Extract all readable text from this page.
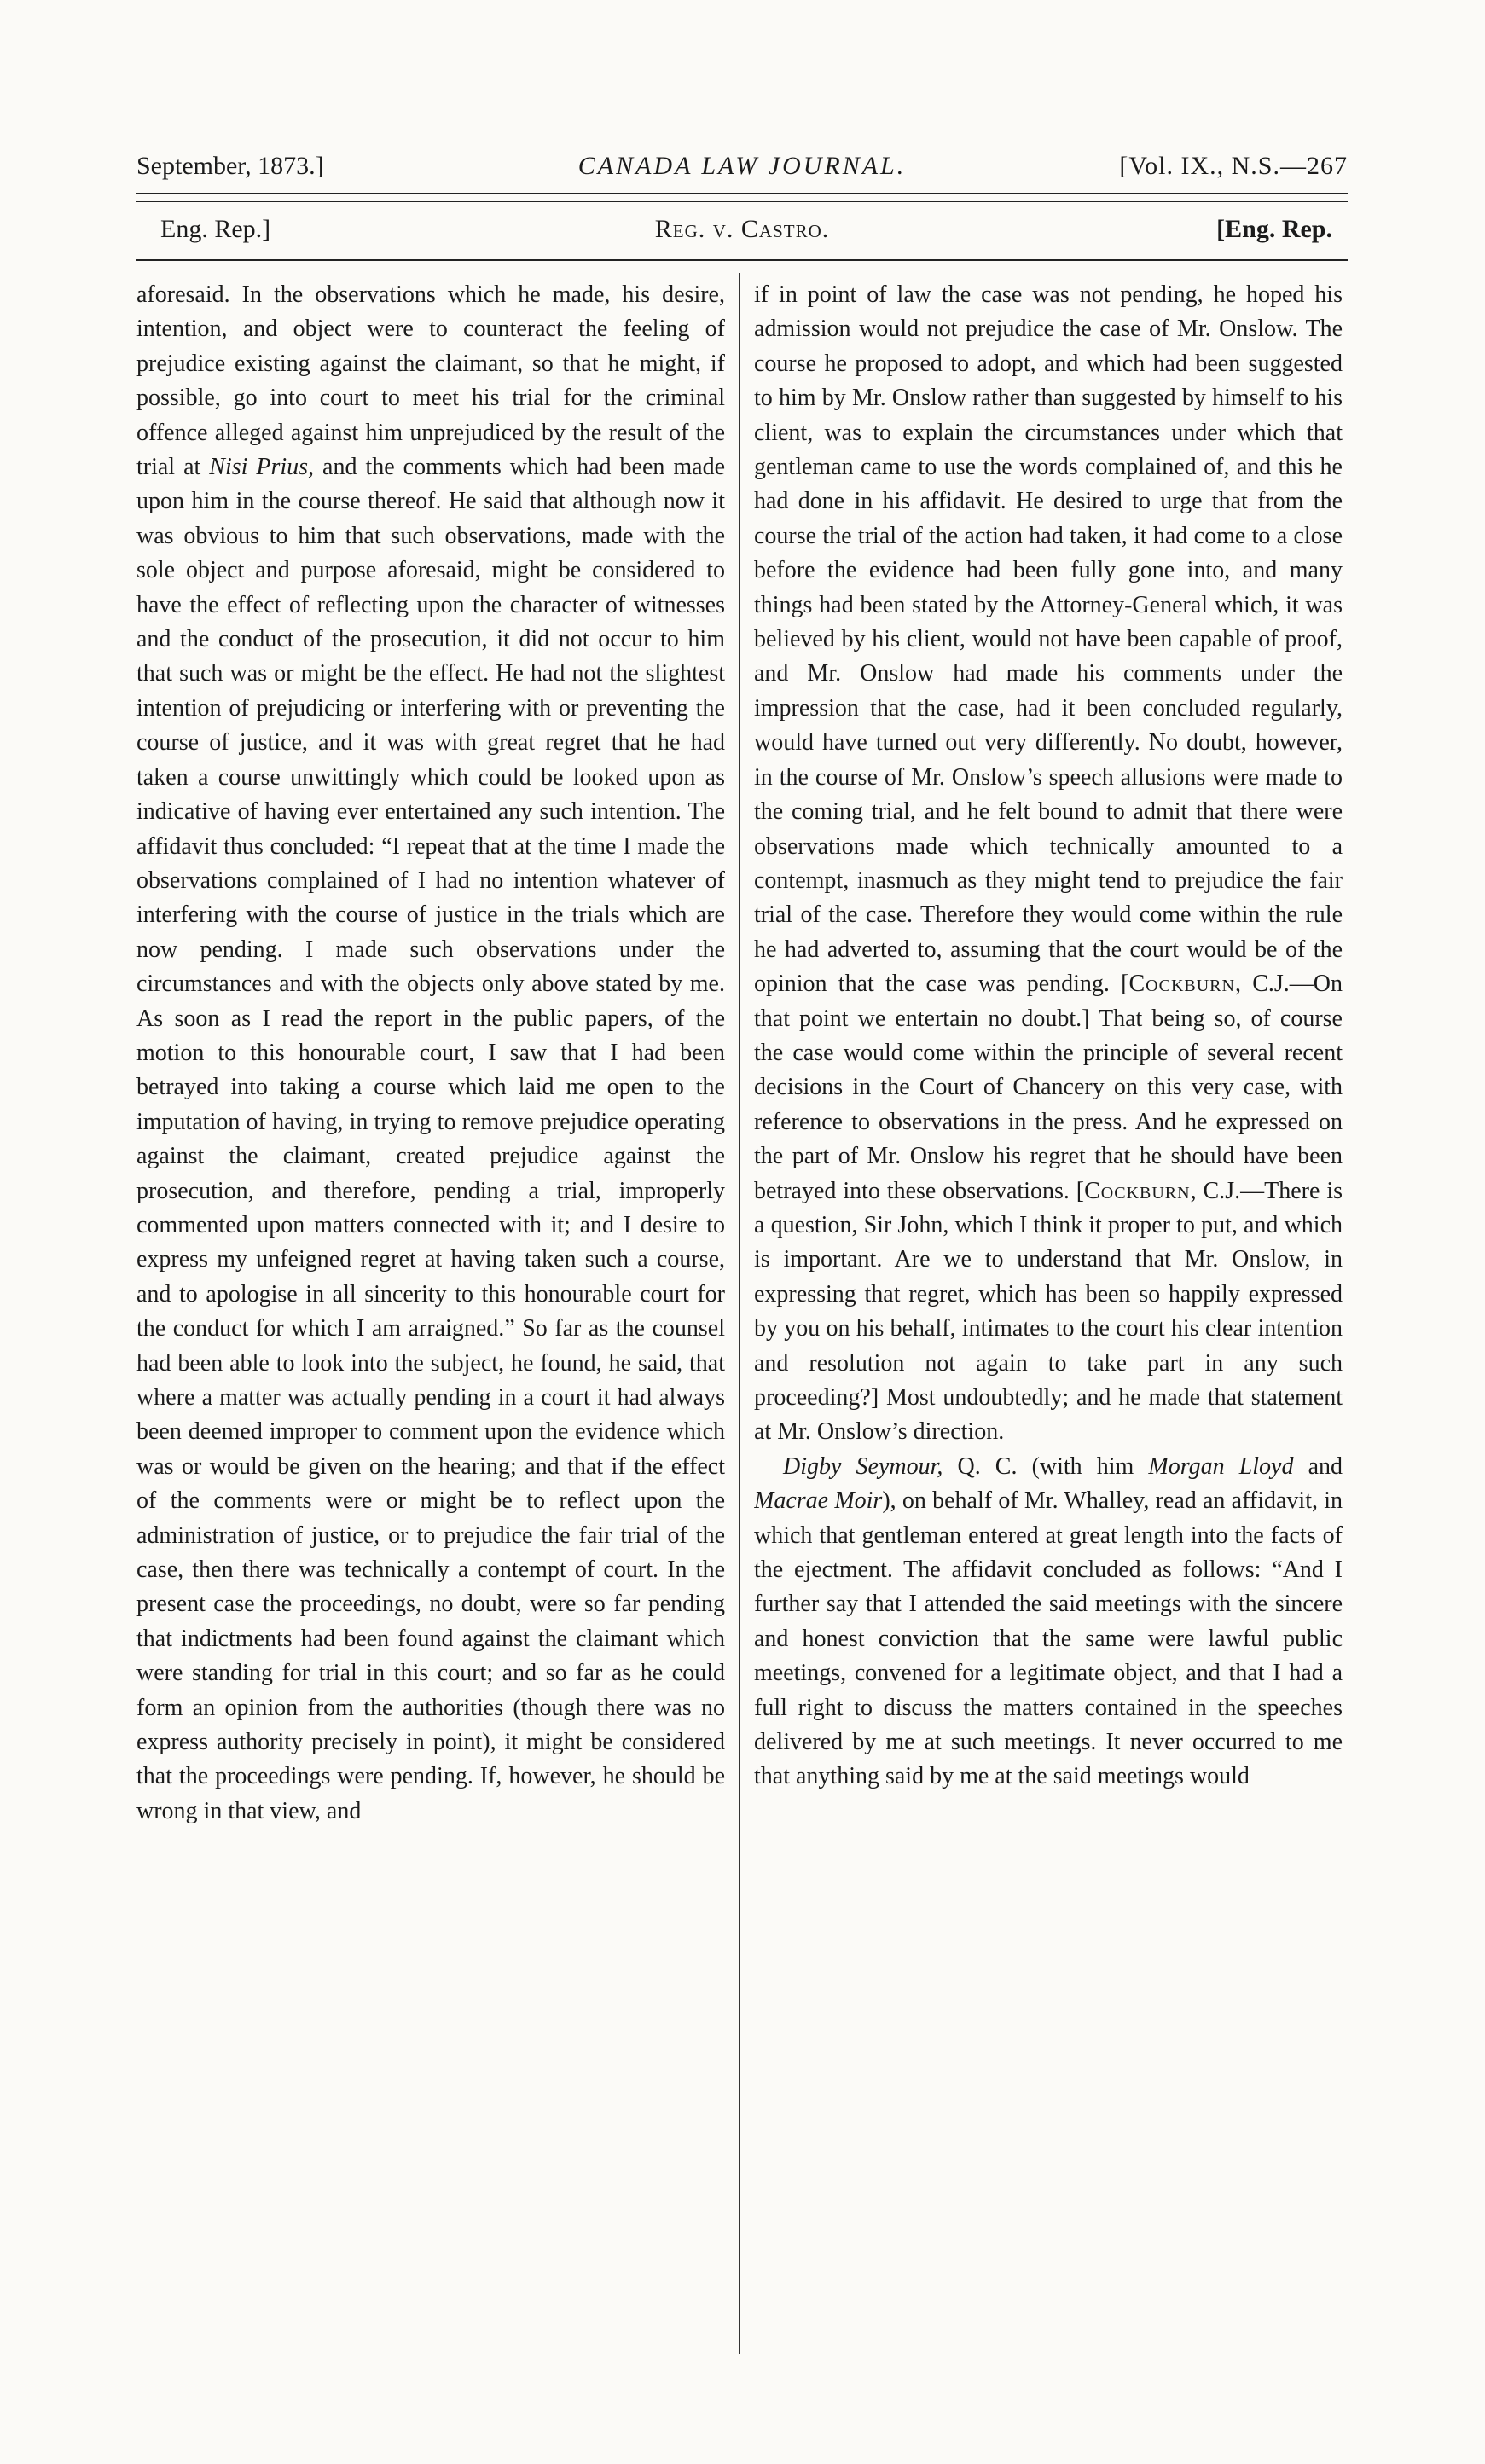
September, 1873.]	CANADA LAW JOURNAL.	[Vol. IX., N.S.—267
Eng. Rep.]	Reg. v. Castro.	[Eng. Rep.

aforesaid. In the observations which he made, his desire, intention, and object were to counteract the feeling of prejudice existing against the claimant, so that he might, if possible, go into court to meet his trial for the criminal offence alleged against him unprejudiced by the result of the trial at Nisi Prius, and the comments which had been made upon him in the course thereof. He said that although now it was obvious to him that such observations, made with the sole object and purpose aforesaid, might be considered to have the effect of reflecting upon the character of witnesses and the conduct of the prosecution, it did not occur to him that such was or might be the effect. He had not the slightest intention of prejudicing or interfering with or preventing the course of justice, and it was with great regret that he had taken a course unwittingly which could be looked upon as indicative of having ever entertained any such intention. The affidavit thus concluded: “I repeat that at the time I made the observations complained of I had no intention whatever of interfering with the course of justice in the trials which are now pending. I made such observations under the circumstances and with the objects only above stated by me. As soon as I read the report in the public papers, of the motion to this honourable court, I saw that I had been betrayed into taking a course which laid me open to the imputation of having, in trying to remove prejudice operating against the claimant, created prejudice against the prosecution, and therefore, pending a trial, improperly commented upon matters connected with it; and I desire to express my unfeigned regret at having taken such a course, and to apologise in all sincerity to this honourable court for the conduct for which I am arraigned.” So far as the counsel had been able to look into the subject, he found, he said, that where a matter was actually pending in a court it had always been deemed improper to comment upon the evidence which was or would be given on the hearing; and that if the effect of the comments were or might be to reflect upon the administration of justice, or to prejudice the fair trial of the case, then there was technically a contempt of court. In the present case the proceedings, no doubt, were so far pending that indictments had been found against the claimant which were standing for trial in this court; and so far as he could form an opinion from the authorities (though there was no express authority precisely in point), it might be considered that the proceedings were pending. If, however, he should be wrong in that view, and

if in point of law the case was not pending, he hoped his admission would not prejudice the case of Mr. Onslow. The course he proposed to adopt, and which had been suggested to him by Mr. Onslow rather than suggested by himself to his client, was to explain the circumstances under which that gentleman came to use the words complained of, and this he had done in his affidavit. He desired to urge that from the course the trial of the action had taken, it had come to a close before the evidence had been fully gone into, and many things had been stated by the Attorney-General which, it was believed by his client, would not have been capable of proof, and Mr. Onslow had made his comments under the impression that the case, had it been concluded regularly, would have turned out very differently. No doubt, however, in the course of Mr. Onslow’s speech allusions were made to the coming trial, and he felt bound to admit that there were observations made which technically amounted to a contempt, inasmuch as they might tend to prejudice the fair trial of the case. Therefore they would come within the rule he had adverted to, assuming that the court would be of the opinion that the case was pending. [Cockburn, C.J.—On that point we entertain no doubt.] That being so, of course the case would come within the principle of several recent decisions in the Court of Chancery on this very case, with reference to observations in the press. And he expressed on the part of Mr. Onslow his regret that he should have been betrayed into these observations. [Cockburn, C.J.—There is a question, Sir John, which I think it proper to put, and which is important. Are we to understand that Mr. Onslow, in expressing that regret, which has been so happily expressed by you on his behalf, intimates to the court his clear intention and resolution not again to take part in any such proceeding?] Most undoubtedly; and he made that statement at Mr. Onslow’s direction.

Digby Seymour, Q. C. (with him Morgan Lloyd and Macrae Moir), on behalf of Mr. Whalley, read an affidavit, in which that gentleman entered at great length into the facts of the ejectment. The affidavit concluded as follows: “And I further say that I attended the said meetings with the sincere and honest conviction that the same were lawful public meetings, convened for a legitimate object, and that I had a full right to discuss the matters contained in the speeches delivered by me at such meetings. It never occurred to me that anything said by me at the said meetings would
